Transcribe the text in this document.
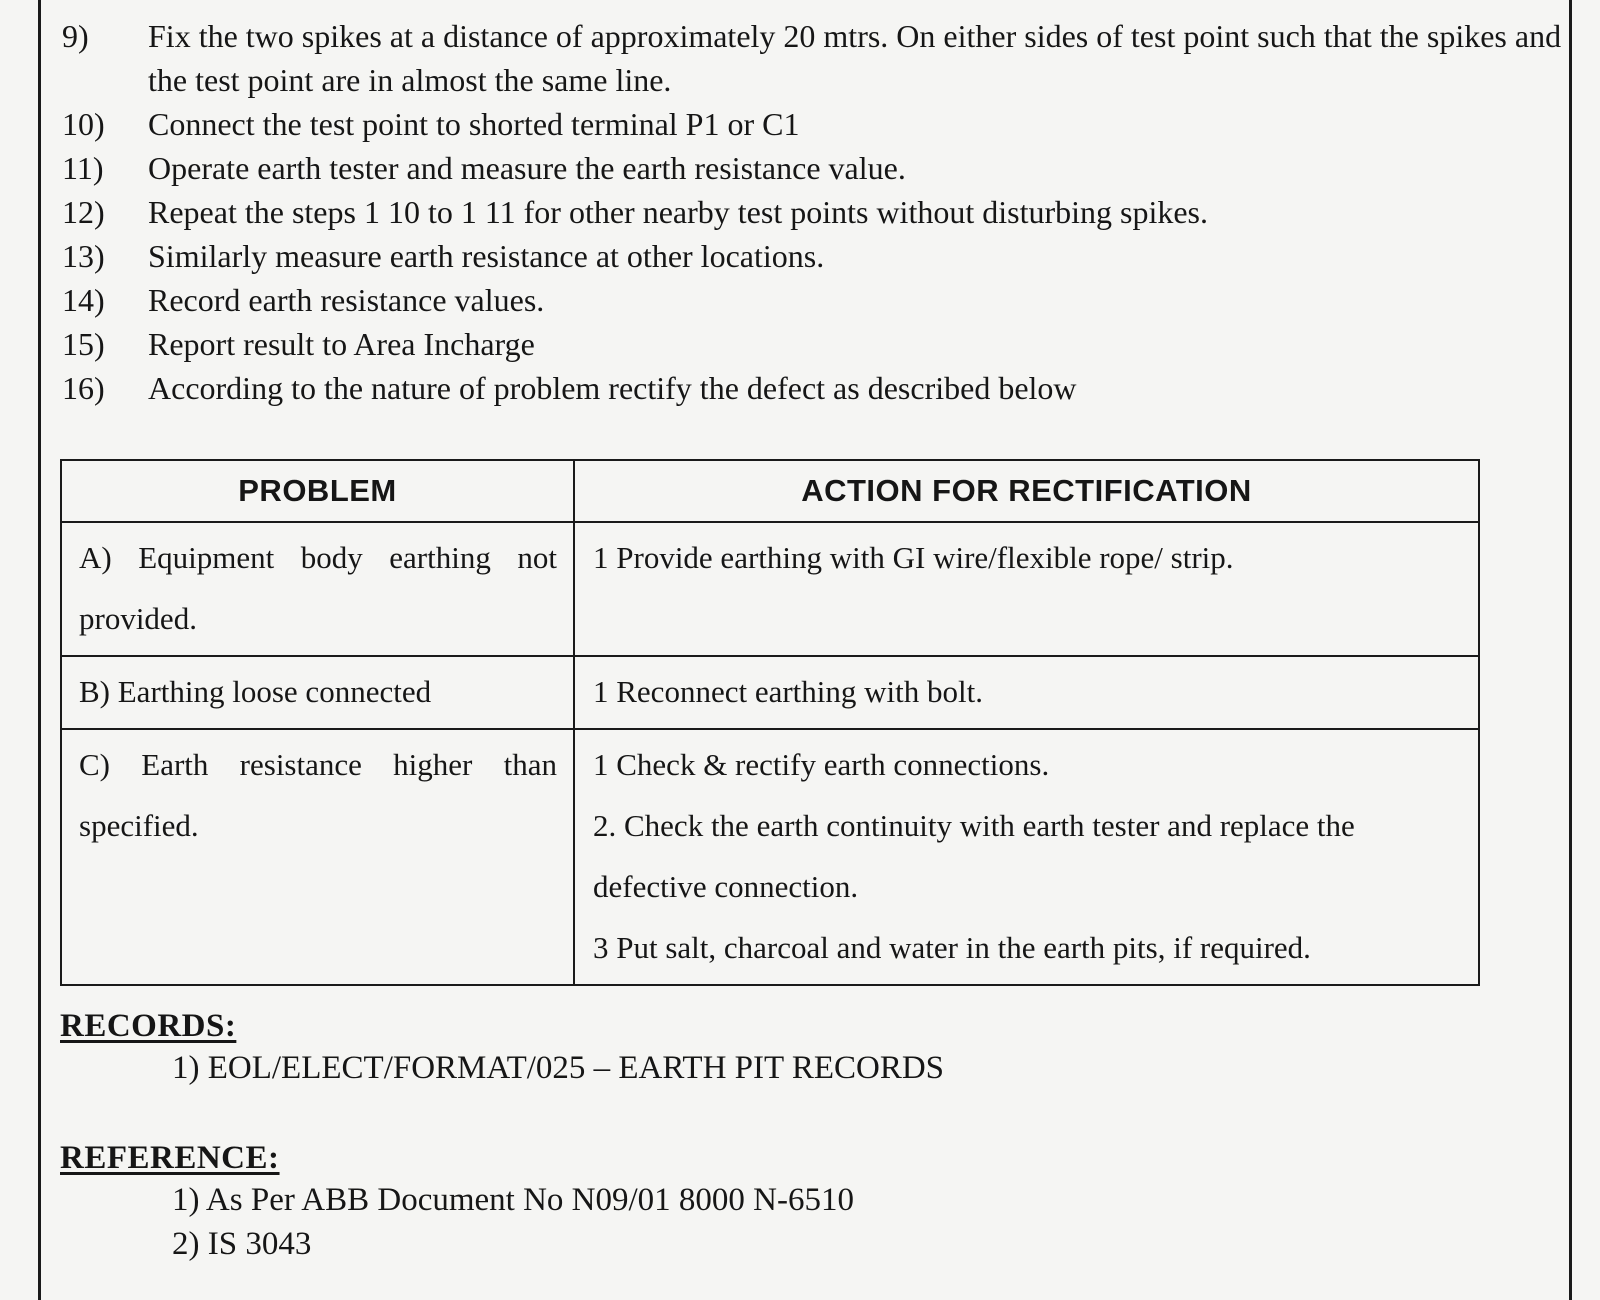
9)	Fix the two spikes at a distance of approximately 20 mtrs. On either sides of test point such that the spikes and the test point are in almost the same line.
10)	Connect the test point to shorted terminal P1 or C1
11)	Operate earth tester and measure the earth resistance value.
12)	Repeat the steps 1 10 to 1 11 for other nearby test points without disturbing spikes.
13)	Similarly measure earth resistance at other locations.
14)	Record earth resistance values.
15)	Report result to Area Incharge
16)	According to the nature of problem rectify the defect as described below
PROBLEM	ACTION FOR RECTIFICATION
A) Equipment body earthing not provided.	1 Provide earthing with GI wire/flexible rope/ strip.

B) Earthing loose connected	1 Reconnect earthing with bolt.

C) Earth resistance higher than specified.	1 Check & rectify earth connections.
2. Check the earth continuity with earth tester and replace the defective connection.
3 Put salt, charcoal and water in the earth pits, if required.
RECORDS:
1) EOL/ELECT/FORMAT/025 – EARTH PIT RECORDS
REFERENCE:
1) As Per ABB Document No N09/01 8000 N-6510
2) IS 3043
